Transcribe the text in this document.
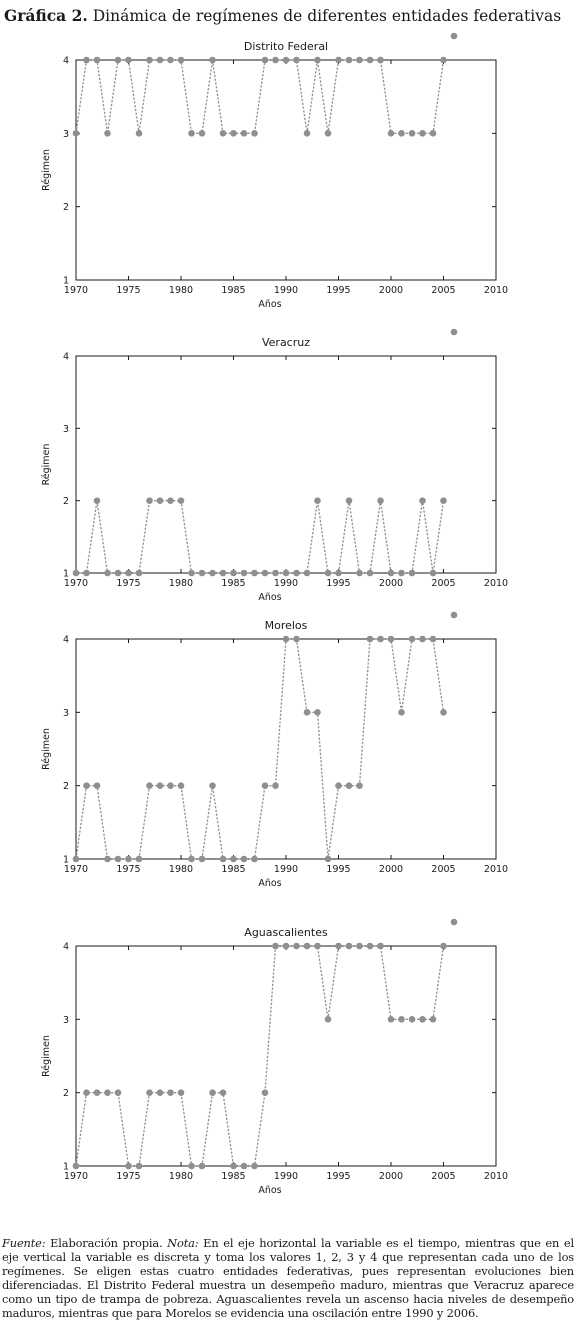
Gráfica 2. Dinámica de regímenes de diferentes entidades federativas
Distrito Federal
1970	1975	1980	1985	1990	1995	2000	2005	2010
1
2
3
4
Años
Régimen
Veracruz
1970	1975	1980	1985	1990	1995	2000	2005	2010
1
2
3
4
Años
Régimen
Morelos
1970	1975	1980	1985	1990	1995	2000	2005	2010
1
2
3
4
Años
Régimen
Aguascalientes
1970	1975	1980	1985	1990	1995	2000	2005	2010
1
2
3
4
Años
Régimen
Fuente: Elaboración propia. Nota: En el eje horizontal la variable es el tiempo, mientras que en el eje vertical la variable es discreta y toma los valores 1, 2, 3 y 4 que representan cada uno de los regímenes. Se eligen estas cuatro entidades federativas, pues representan evoluciones bien diferenciadas. El Distrito Federal muestra un desempeño maduro, mientras que Veracruz aparece como un tipo de trampa de pobreza. Aguascalientes revela un ascenso hacia niveles de desempeño maduros, mientras que para Morelos se evidencia una oscilación entre 1990 y 2006.
